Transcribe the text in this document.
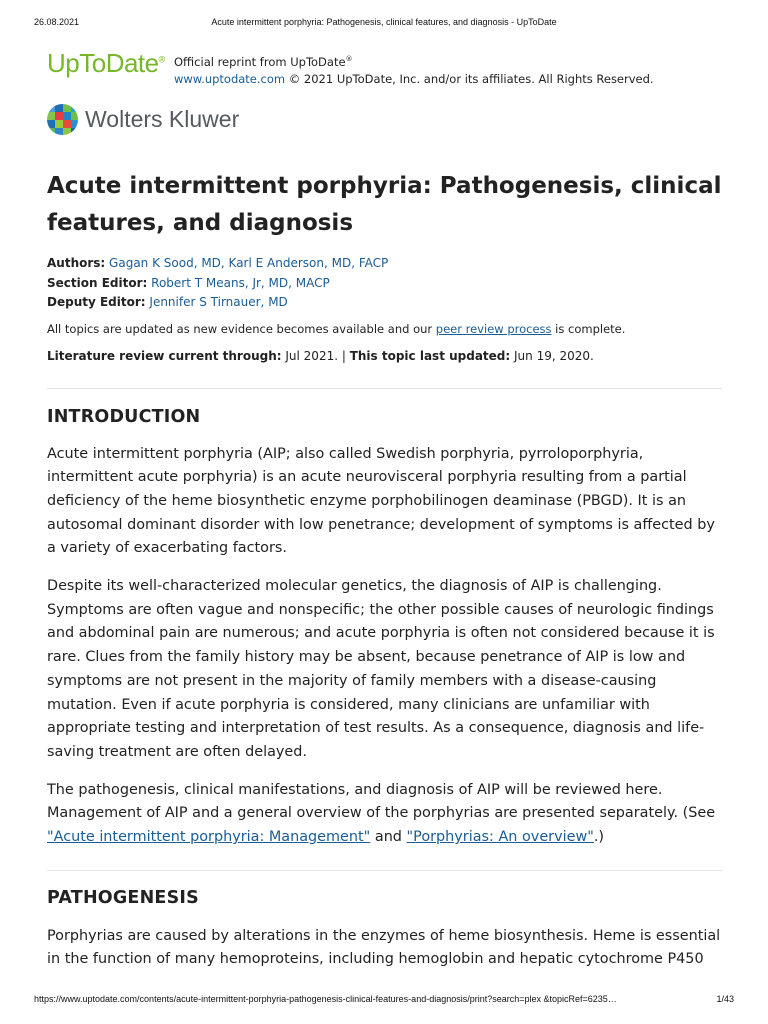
26.08.2021	Acute intermittent porphyria: Pathogenesis, clinical features, and diagnosis - UpToDate
UpToDate® Official reprint from UpToDate®
www.uptodate.com © 2021 UpToDate, Inc. and/or its affiliates. All Rights Reserved.
Wolters Kluwer
Acute intermittent porphyria: Pathogenesis, clinical features, and diagnosis
Authors: Gagan K Sood, MD, Karl E Anderson, MD, FACP
Section Editor: Robert T Means, Jr, MD, MACP
Deputy Editor: Jennifer S Tirnauer, MD
All topics are updated as new evidence becomes available and our peer review process is complete.
Literature review current through: Jul 2021. | This topic last updated: Jun 19, 2020.
INTRODUCTION

Acute intermittent porphyria (AIP; also called Swedish porphyria, pyrroloporphyria, intermittent acute porphyria) is an acute neurovisceral porphyria resulting from a partial deficiency of the heme biosynthetic enzyme porphobilinogen deaminase (PBGD). It is an autosomal dominant disorder with low penetrance; development of symptoms is affected by a variety of exacerbating factors.

Despite its well-characterized molecular genetics, the diagnosis of AIP is challenging. Symptoms are often vague and nonspecific; the other possible causes of neurologic findings and abdominal pain are numerous; and acute porphyria is often not considered because it is rare. Clues from the family history may be absent, because penetrance of AIP is low and symptoms are not present in the majority of family members with a disease-causing mutation. Even if acute porphyria is considered, many clinicians are unfamiliar with appropriate testing and interpretation of test results. As a consequence, diagnosis and life-saving treatment are often delayed.

The pathogenesis, clinical manifestations, and diagnosis of AIP will be reviewed here. Management of AIP and a general overview of the porphyrias are presented separately. (See "Acute intermittent porphyria: Management" and "Porphyrias: An overview".)

PATHOGENESIS

Porphyrias are caused by alterations in the enzymes of heme biosynthesis. Heme is essential in the function of many hemoproteins, including hemoglobin and hepatic cytochrome P450

https://www.uptodate.com/contents/acute-intermittent-porphyria-pathogenesis-clinical-features-and-diagnosis/print?search=plex &topicRef=6235…	1/43
